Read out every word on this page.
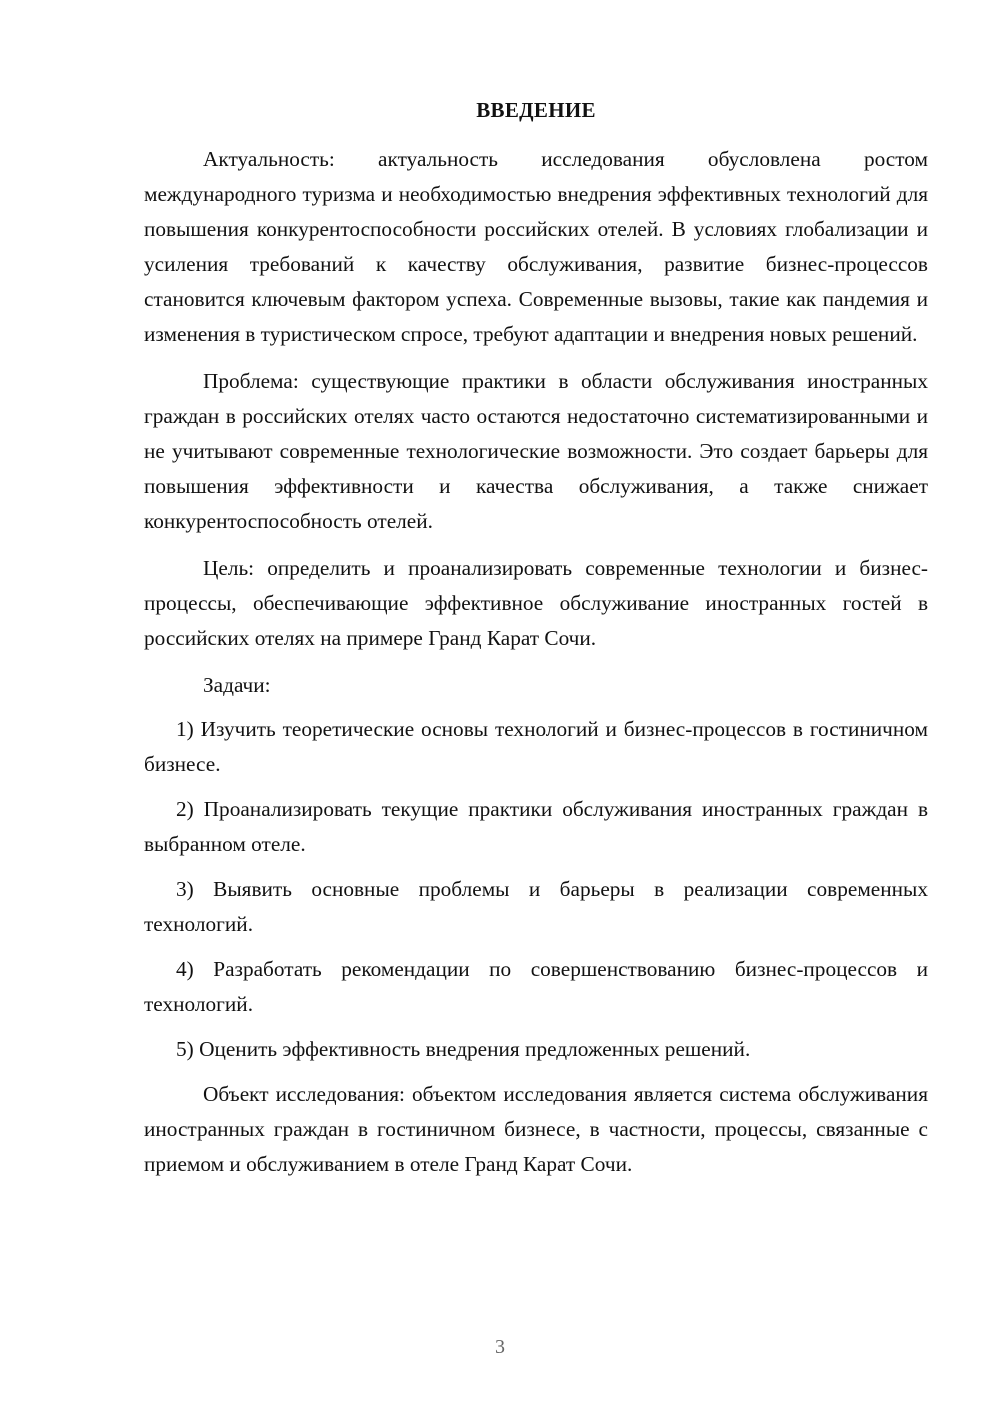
ВВЕДЕНИЕ

Актуальность: актуальность исследования обусловлена ростом международного туризма и необходимостью внедрения эффективных технологий для повышения конкурентоспособности российских отелей. В условиях глобализации и усиления требований к качеству обслуживания, развитие бизнес-процессов становится ключевым фактором успеха. Современные вызовы, такие как пандемия и изменения в туристическом спросе, требуют адаптации и внедрения новых решений.

Проблема: существующие практики в области обслуживания иностранных граждан в российских отелях часто остаются недостаточно систематизированными и не учитывают современные технологические возможности. Это создает барьеры для повышения эффективности и качества обслуживания, а также снижает конкурентоспособность отелей.

Цель: определить и проанализировать современные технологии и бизнес-процессы, обеспечивающие эффективное обслуживание иностранных гостей в российских отелях на примере Гранд Карат Сочи.

Задачи:

1) Изучить теоретические основы технологий и бизнес-процессов в гостиничном бизнесе.

2) Проанализировать текущие практики обслуживания иностранных граждан в выбранном отеле.

3) Выявить основные проблемы и барьеры в реализации современных технологий.

4) Разработать рекомендации по совершенствованию бизнес-процессов и технологий.

5) Оценить эффективность внедрения предложенных решений.

Объект исследования: объектом исследования является система обслуживания иностранных граждан в гостиничном бизнесе, в частности, процессы, связанные с приемом и обслуживанием в отеле Гранд Карат Сочи.

3
